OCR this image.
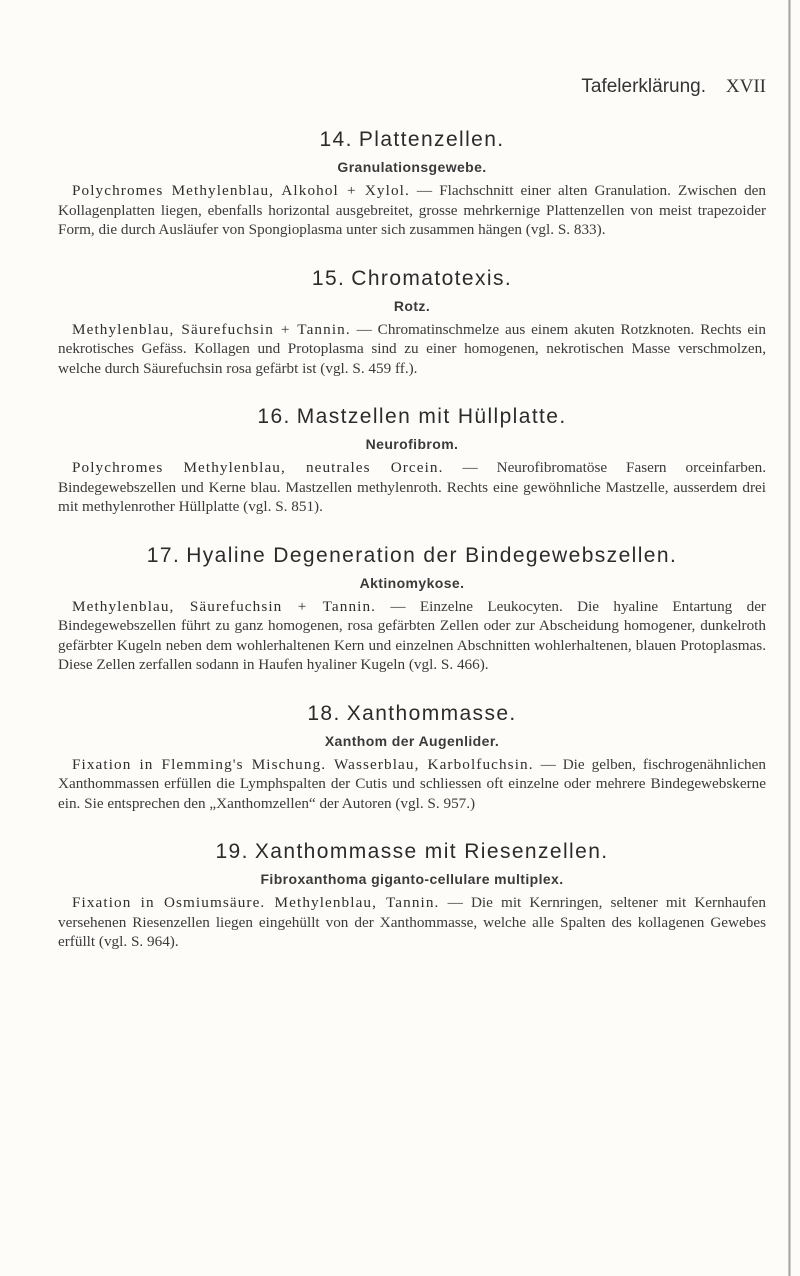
Tafelerklärung. XVII
14. Plattenzellen.
Granulationsgewebe.

Polychromes Methylenblau, Alkohol + Xylol. — Flachschnitt einer alten Granulation. Zwischen den Kollagenplatten liegen, ebenfalls horizontal ausgebreitet, grosse mehrkernige Plattenzellen von meist trapezoider Form, die durch Ausläufer von Spongioplasma unter sich zusammen hängen (vgl. S. 833).

15. Chromatotexis.
Rotz.

Methylenblau, Säurefuchsin + Tannin. — Chromatinschmelze aus einem akuten Rotzknoten. Rechts ein nekrotisches Gefäss. Kollagen und Protoplasma sind zu einer homogenen, nekrotischen Masse verschmolzen, welche durch Säurefuchsin rosa gefärbt ist (vgl. S. 459 ff.).

16. Mastzellen mit Hüllplatte.
Neurofibrom.

Polychromes Methylenblau, neutrales Orcein. — Neurofibromatöse Fasern orceinfarben. Bindegewebszellen und Kerne blau. Mastzellen methylenroth. Rechts eine gewöhnliche Mastzelle, ausserdem drei mit methylenrother Hüllplatte (vgl. S. 851).

17. Hyaline Degeneration der Bindegewebszellen.
Aktinomykose.

Methylenblau, Säurefuchsin + Tannin. — Einzelne Leukocyten. Die hyaline Entartung der Bindegewebszellen führt zu ganz homogenen, rosa gefärbten Zellen oder zur Abscheidung homogener, dunkelroth gefärbter Kugeln neben dem wohlerhaltenen Kern und einzelnen Abschnitten wohlerhaltenen, blauen Protoplasmas. Diese Zellen zerfallen sodann in Haufen hyaliner Kugeln (vgl. S. 466).

18. Xanthommasse.
Xanthom der Augenlider.

Fixation in Flemming's Mischung. Wasserblau, Karbolfuchsin. — Die gelben, fischrogenähnlichen Xanthommassen erfüllen die Lymphspalten der Cutis und schliessen oft einzelne oder mehrere Bindegewebskerne ein. Sie entsprechen den „Xanthomzellen“ der Autoren (vgl. S. 957.)

19. Xanthommasse mit Riesenzellen.
Fibroxanthoma giganto-cellulare multiplex.

Fixation in Osmiumsäure. Methylenblau, Tannin. — Die mit Kernringen, seltener mit Kernhaufen versehenen Riesenzellen liegen eingehüllt von der Xanthommasse, welche alle Spalten des kollagenen Gewebes erfüllt (vgl. S. 964).
